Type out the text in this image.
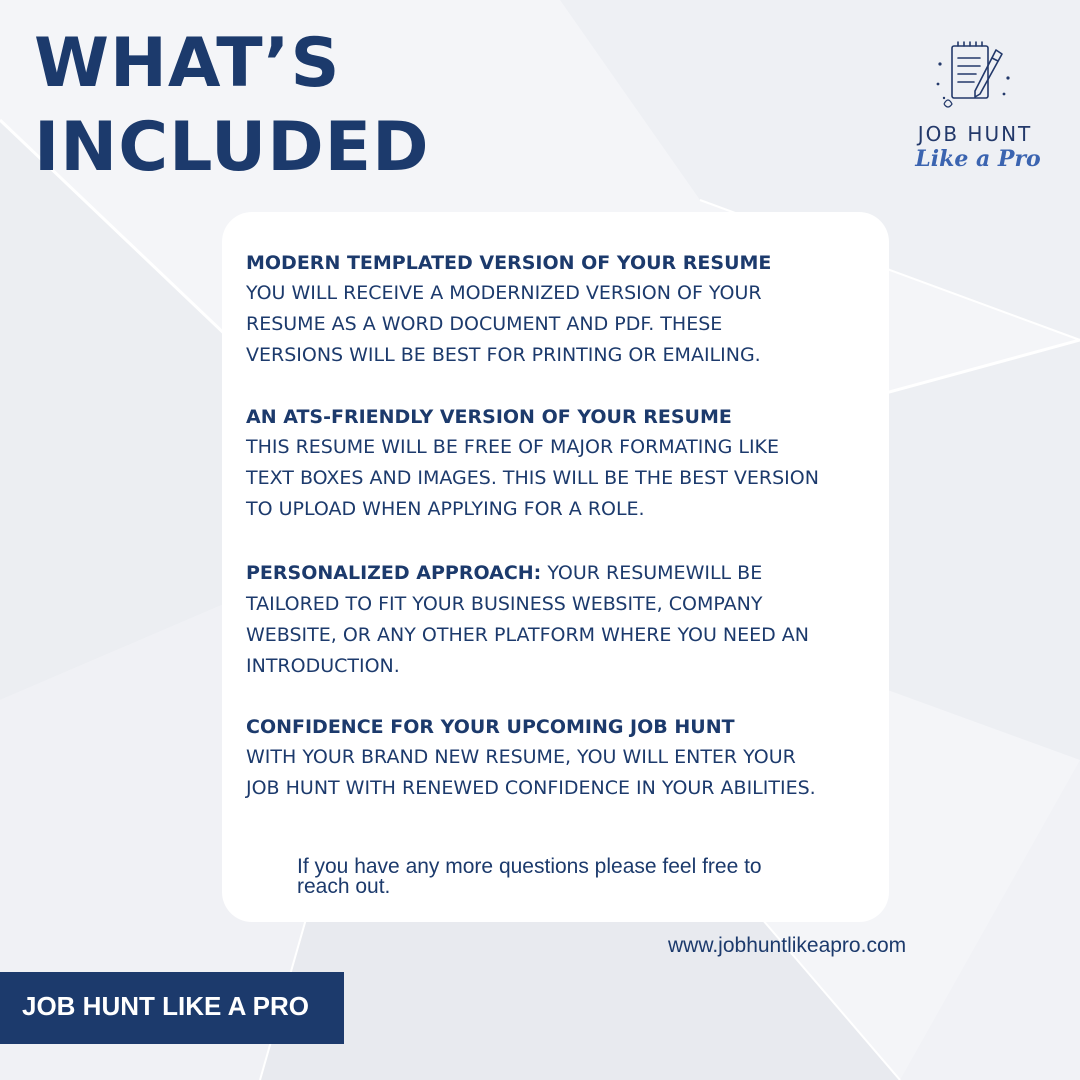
WHAT’S
INCLUDED	JOB HUNT
Like a Pro
MODERN TEMPLATED VERSION OF YOUR RESUME

YOU WILL RECEIVE A MODERNIZED VERSION OF YOUR
RESUME AS A WORD DOCUMENT AND PDF. THESE
VERSIONS WILL BE BEST FOR PRINTING OR EMAILING.

AN ATS-FRIENDLY VERSION OF YOUR RESUME

THIS RESUME WILL BE FREE OF MAJOR FORMATING LIKE
TEXT BOXES AND IMAGES. THIS WILL BE THE BEST VERSION
TO UPLOAD WHEN APPLYING FOR A ROLE.

PERSONALIZED APPROACH: YOUR RESUMEWILL BE
TAILORED TO FIT YOUR BUSINESS WEBSITE, COMPANY
WEBSITE, OR ANY OTHER PLATFORM WHERE YOU NEED AN
INTRODUCTION.

CONFIDENCE FOR YOUR UPCOMING JOB HUNT

WITH YOUR BRAND NEW RESUME, YOU WILL ENTER YOUR
JOB HUNT WITH RENEWED CONFIDENCE IN YOUR ABILITIES.

If you have any more questions please feel free to
reach out.

www.jobhuntlikeapro.com
JOB HUNT LIKE A PRO
